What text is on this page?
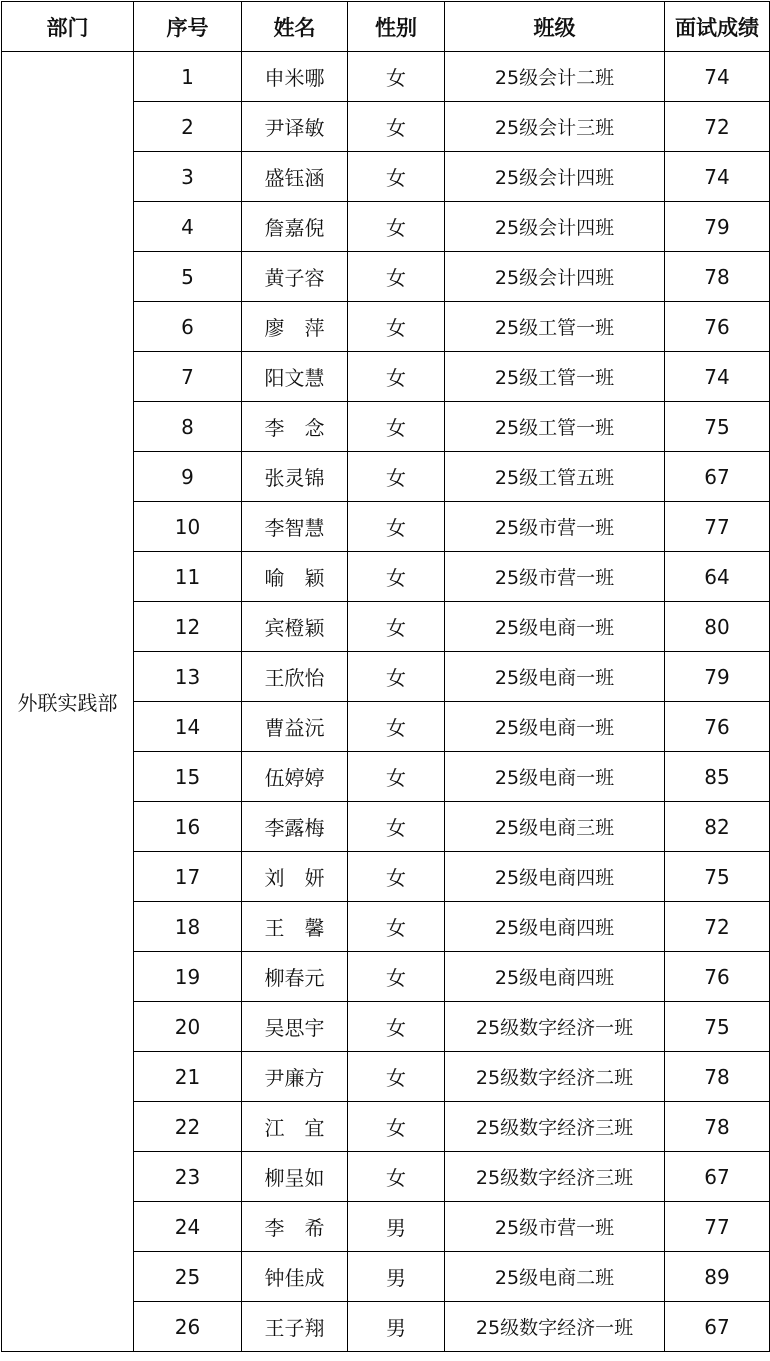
部门	序号	姓名	性别	班级	面试成绩
外联实践部	1	申米哪	女	25级会计二班	74
	2	尹译敏	女	25级会计三班	72
	3	盛钰涵	女	25级会计四班	74
	4	詹嘉倪	女	25级会计四班	79
	5	黄子容	女	25级会计四班	78
	6	廖　萍	女	25级工管一班	76
	7	阳文慧	女	25级工管一班	74
	8	李　念	女	25级工管一班	75
	9	张灵锦	女	25级工管五班	67
	10	李智慧	女	25级市营一班	77
	11	喻　颖	女	25级市营一班	64
	12	宾橙颖	女	25级电商一班	80
	13	王欣怡	女	25级电商一班	79
	14	曹益沅	女	25级电商一班	76
	15	伍婷婷	女	25级电商一班	85
	16	李露梅	女	25级电商三班	82
	17	刘　妍	女	25级电商四班	75
	18	王　馨	女	25级电商四班	72
	19	柳春元	女	25级电商四班	76
	20	吴思宇	女	25级数字经济一班	75
	21	尹廉方	女	25级数字经济二班	78
	22	江　宜	女	25级数字经济三班	78
	23	柳呈如	女	25级数字经济三班	67
	24	李　希	男	25级市营一班	77
	25	钟佳成	男	25级电商二班	89
	26	王子翔	男	25级数字经济一班	67
